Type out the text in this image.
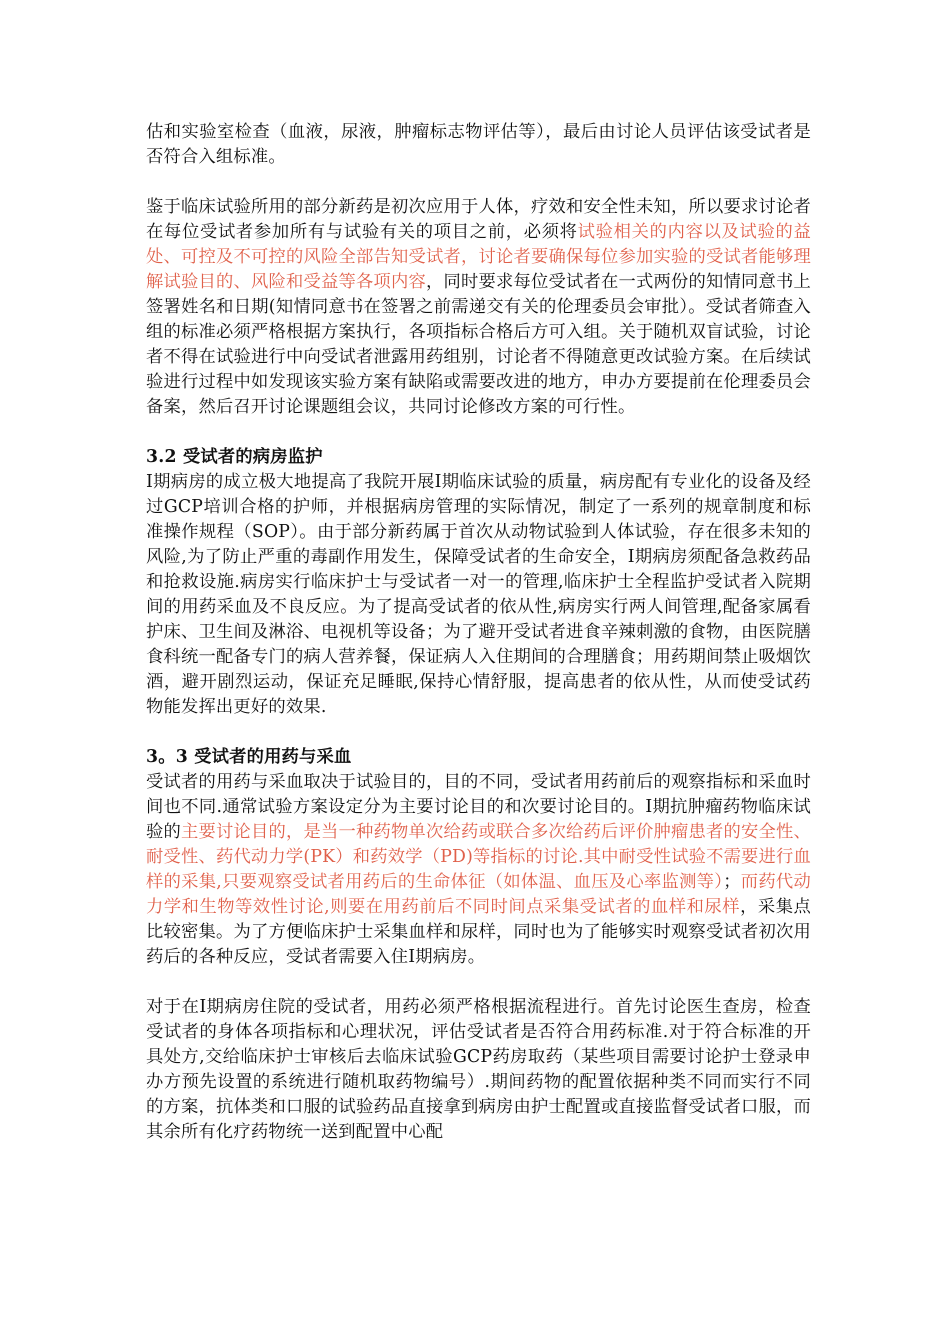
估和实验室检查（血液，尿液，肿瘤标志物评估等），最后由讨论人员评估该受试者是否符合入组标准。

鉴于临床试验所用的部分新药是初次应用于人体，疗效和安全性未知，所以要求讨论者在每位受试者参加所有与试验有关的项目之前，必须将试验相关的内容以及试验的益处、可控及不可控的风险全部告知受试者，讨论者要确保每位参加实验的受试者能够理解试验目的、风险和受益等各项内容，同时要求每位受试者在一式两份的知情同意书上签署姓名和日期(知情同意书在签署之前需递交有关的伦理委员会审批）。受试者筛查入组的标准必须严格根据方案执行，各项指标合格后方可入组。关于随机双盲试验，讨论者不得在试验进行中向受试者泄露用药组别，讨论者不得随意更改试验方案。在后续试验进行过程中如发现该实验方案有缺陷或需要改进的地方，申办方要提前在伦理委员会备案，然后召开讨论课题组会议，共同讨论修改方案的可行性。

3.2 受试者的病房监护

I期病房的成立极大地提高了我院开展I期临床试验的质量，病房配有专业化的设备及经过GCP培训合格的护师，并根据病房管理的实际情况，制定了一系列的规章制度和标准操作规程（SOP）。由于部分新药属于首次从动物试验到人体试验，存在很多未知的风险,为了防止严重的毒副作用发生，保障受试者的生命安全，I期病房须配备急救药品和抢救设施.病房实行临床护士与受试者一对一的管理,临床护士全程监护受试者入院期间的用药采血及不良反应。为了提高受试者的依从性,病房实行两人间管理,配备家属看护床、卫生间及淋浴、电视机等设备；为了避开受试者进食辛辣刺激的食物，由医院膳食科统一配备专门的病人营养餐，保证病人入住期间的合理膳食；用药期间禁止吸烟饮酒，避开剧烈运动，保证充足睡眠,保持心情舒服，提高患者的依从性，从而使受试药物能发挥出更好的效果.

3。3 受试者的用药与采血

受试者的用药与采血取决于试验目的，目的不同，受试者用药前后的观察指标和采血时间也不同.通常试验方案设定分为主要讨论目的和次要讨论目的。I期抗肿瘤药物临床试验的主要讨论目的，是当一种药物单次给药或联合多次给药后评价肿瘤患者的安全性、耐受性、药代动力学(PK）和药效学（PD)等指标的讨论.其中耐受性试验不需要进行血样的采集,只要观察受试者用药后的生命体征（如体温、血压及心率监测等）；而药代动力学和生物等效性讨论,则要在用药前后不同时间点采集受试者的血样和尿样，采集点比较密集。为了方便临床护士采集血样和尿样，同时也为了能够实时观察受试者初次用药后的各种反应，受试者需要入住I期病房。

对于在I期病房住院的受试者，用药必须严格根据流程进行。首先讨论医生查房，检查受试者的身体各项指标和心理状况，评估受试者是否符合用药标准.对于符合标准的开具处方,交给临床护士审核后去临床试验GCP药房取药（某些项目需要讨论护士登录申办方预先设置的系统进行随机取药物编号）.期间药物的配置依据种类不同而实行不同的方案，抗体类和口服的试验药品直接拿到病房由护士配置或直接监督受试者口服，而其余所有化疗药物统一送到配置中心配
